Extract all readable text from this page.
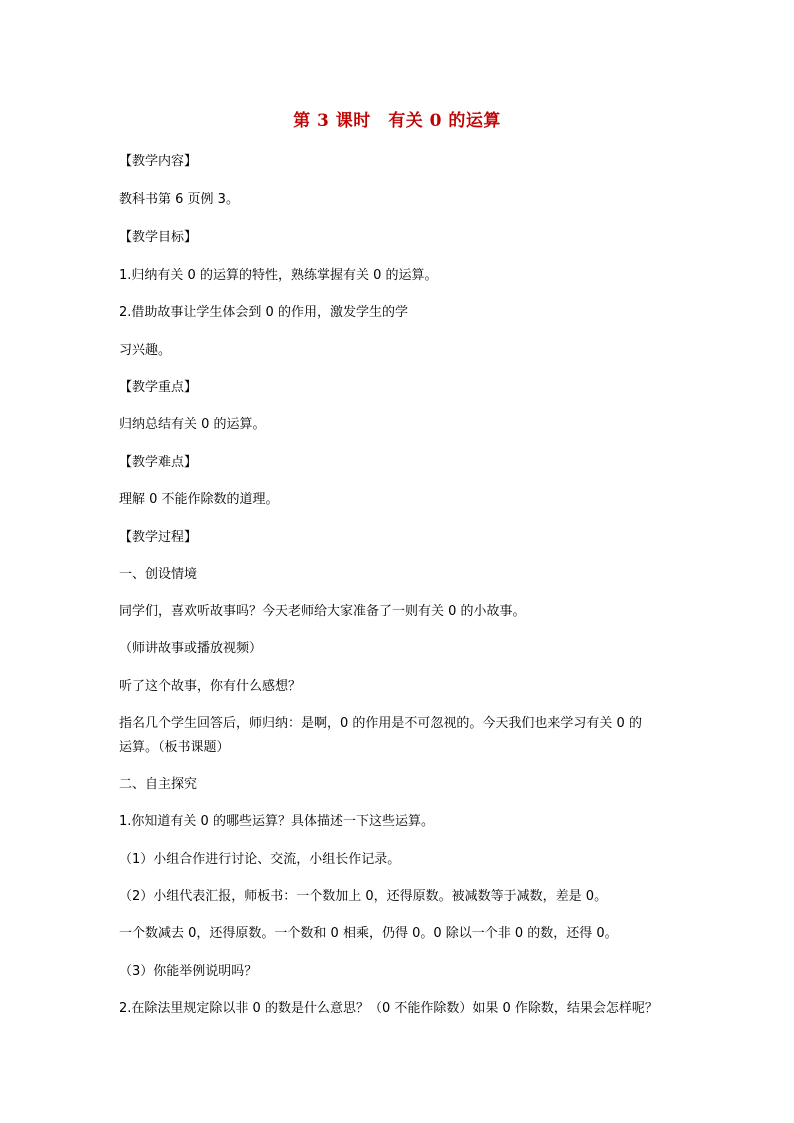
第 3 课时　有关 0 的运算
【教学内容】
教科书第 6 页例 3。
【教学目标】
1.归纳有关 0 的运算的特性，熟练掌握有关 0 的运算。
2.借助故事让学生体会到 0 的作用，激发学生的学
习兴趣。
【教学重点】
归纳总结有关 0 的运算。
【教学难点】
理解 0 不能作除数的道理。
【教学过程】
一、创设情境
同学们，喜欢听故事吗？今天老师给大家准备了一则有关 0 的小故事。
（师讲故事或播放视频）
听了这个故事，你有什么感想？
指名几个学生回答后，师归纳：是啊，0 的作用是不可忽视的。今天我们也来学习有关 0 的
运算。（板书课题）
二、自主探究
1.你知道有关 0 的哪些运算？具体描述一下这些运算。
（1）小组合作进行讨论、交流，小组长作记录。
（2）小组代表汇报，师板书：一个数加上 0，还得原数。被减数等于减数，差是 0。
一个数减去 0，还得原数。一个数和 0 相乘，仍得 0。0 除以一个非 0 的数，还得 0。
（3）你能举例说明吗？
2.在除法里规定除以非 0 的数是什么意思？（0 不能作除数）如果 0 作除数，结果会怎样呢？
